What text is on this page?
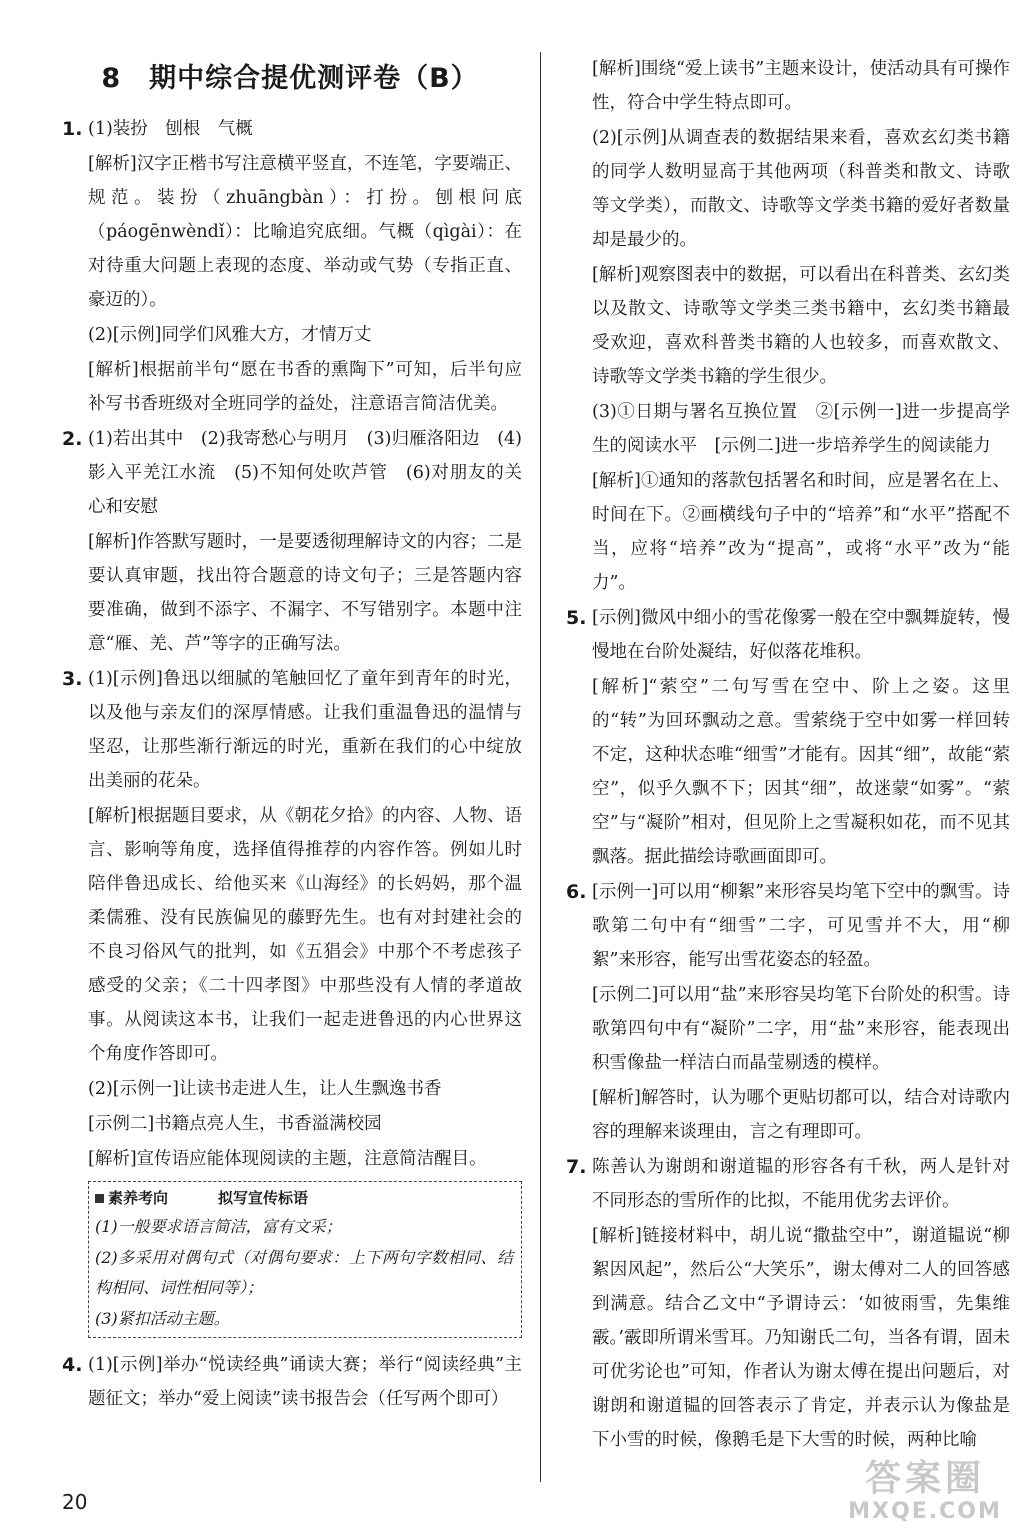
8　期中综合提优测评卷（B）
1. (1)装扮　刨根　气概
[解析]汉字正楷书写注意横平竖直，不连笔，字要端正、规范。装扮（zhuāngbàn）：打扮。刨根问底（páogēnwèndǐ）：比喻追究底细。气概（qìgài）：在对待重大问题上表现的态度、举动或气势（专指正直、豪迈的）。
(2)[示例]同学们风雅大方，才情万丈
[解析]根据前半句“愿在书香的熏陶下”可知，后半句应补写书香班级对全班同学的益处，注意语言简洁优美。
2. (1)若出其中　(2)我寄愁心与明月　(3)归雁洛阳边　(4)影入平羌江水流　(5)不知何处吹芦管　(6)对朋友的关心和安慰
[解析]作答默写题时，一是要透彻理解诗文的内容；二是要认真审题，找出符合题意的诗文句子；三是答题内容要准确，做到不添字、不漏字、不写错别字。本题中注意“雁、羌、芦”等字的正确写法。
3. (1)[示例]鲁迅以细腻的笔触回忆了童年到青年的时光，以及他与亲友们的深厚情感。让我们重温鲁迅的温情与坚忍，让那些渐行渐远的时光，重新在我们的心中绽放出美丽的花朵。
[解析]根据题目要求，从《朝花夕拾》的内容、人物、语言、影响等角度，选择值得推荐的内容作答。例如儿时陪伴鲁迅成长、给他买来《山海经》的长妈妈，那个温柔儒雅、没有民族偏见的藤野先生。也有对封建社会的不良习俗风气的批判，如《五猖会》中那个不考虑孩子感受的父亲；《二十四孝图》中那些没有人情的孝道故事。从阅读这本书，让我们一起走进鲁迅的内心世界这个角度作答即可。
(2)[示例一]让读书走进人生，让人生飘逸书香
[示例二]书籍点亮人生，书香溢满校园
[解析]宣传语应能体现阅读的主题，注意简洁醒目。
素养考向	拟写宣传标语
(1)一般要求语言简洁，富有文采；
(2)多采用对偶句式（对偶句要求：上下两句字数相同、结构相同、词性相同等）；
(3)紧扣活动主题。
4. (1)[示例]举办“悦读经典”诵读大赛；举行“阅读经典”主题征文；举办“爱上阅读”读书报告会（任写两个即可）
[解析]围绕“爱上读书”主题来设计，使活动具有可操作性，符合中学生特点即可。
(2)[示例]从调查表的数据结果来看，喜欢玄幻类书籍的同学人数明显高于其他两项（科普类和散文、诗歌等文学类），而散文、诗歌等文学类书籍的爱好者数量却是最少的。
[解析]观察图表中的数据，可以看出在科普类、玄幻类以及散文、诗歌等文学类三类书籍中，玄幻类书籍最受欢迎，喜欢科普类书籍的人也较多，而喜欢散文、诗歌等文学类书籍的学生很少。
(3)①日期与署名互换位置　②[示例一]进一步提高学生的阅读水平　[示例二]进一步培养学生的阅读能力
[解析]①通知的落款包括署名和时间，应是署名在上、时间在下。②画横线句子中的“培养”和“水平”搭配不当，应将“培养”改为“提高”，或将“水平”改为“能力”。
5. [示例]微风中细小的雪花像雾一般在空中飘舞旋转，慢慢地在台阶处凝结，好似落花堆积。
[解析]“萦空”二句写雪在空中、阶上之姿。这里的“转”为回环飘动之意。雪萦绕于空中如雾一样回转不定，这种状态唯“细雪”才能有。因其“细”，故能“萦空”，似乎久飘不下；因其“细”，故迷蒙“如雾”。“萦空”与“凝阶”相对，但见阶上之雪凝积如花，而不见其飘落。据此描绘诗歌画面即可。
6. [示例一]可以用“柳絮”来形容吴均笔下空中的飘雪。诗歌第二句中有“细雪”二字，可见雪并不大，用“柳絮”来形容，能写出雪花姿态的轻盈。
[示例二]可以用“盐”来形容吴均笔下台阶处的积雪。诗歌第四句中有“凝阶”二字，用“盐”来形容，能表现出积雪像盐一样洁白而晶莹剔透的模样。
[解析]解答时，认为哪个更贴切都可以，结合对诗歌内容的理解来谈理由，言之有理即可。
7. 陈善认为谢朗和谢道韫的形容各有千秋，两人是针对不同形态的雪所作的比拟，不能用优劣去评价。
[解析]链接材料中，胡儿说“撒盐空中”，谢道韫说“柳絮因风起”，然后公“大笑乐”，谢太傅对二人的回答感到满意。结合乙文中“予谓诗云：‘如彼雨雪，先集维霰。’霰即所谓米雪耳。乃知谢氏二句，当各有谓，固未可优劣论也”可知，作者认为谢太傅在提出问题后，对谢朗和谢道韫的回答表示了肯定，并表示认为像盐是下小雪的时候，像鹅毛是下大雪的时候，两种比喻
20
答案圈
MXQE.COM
